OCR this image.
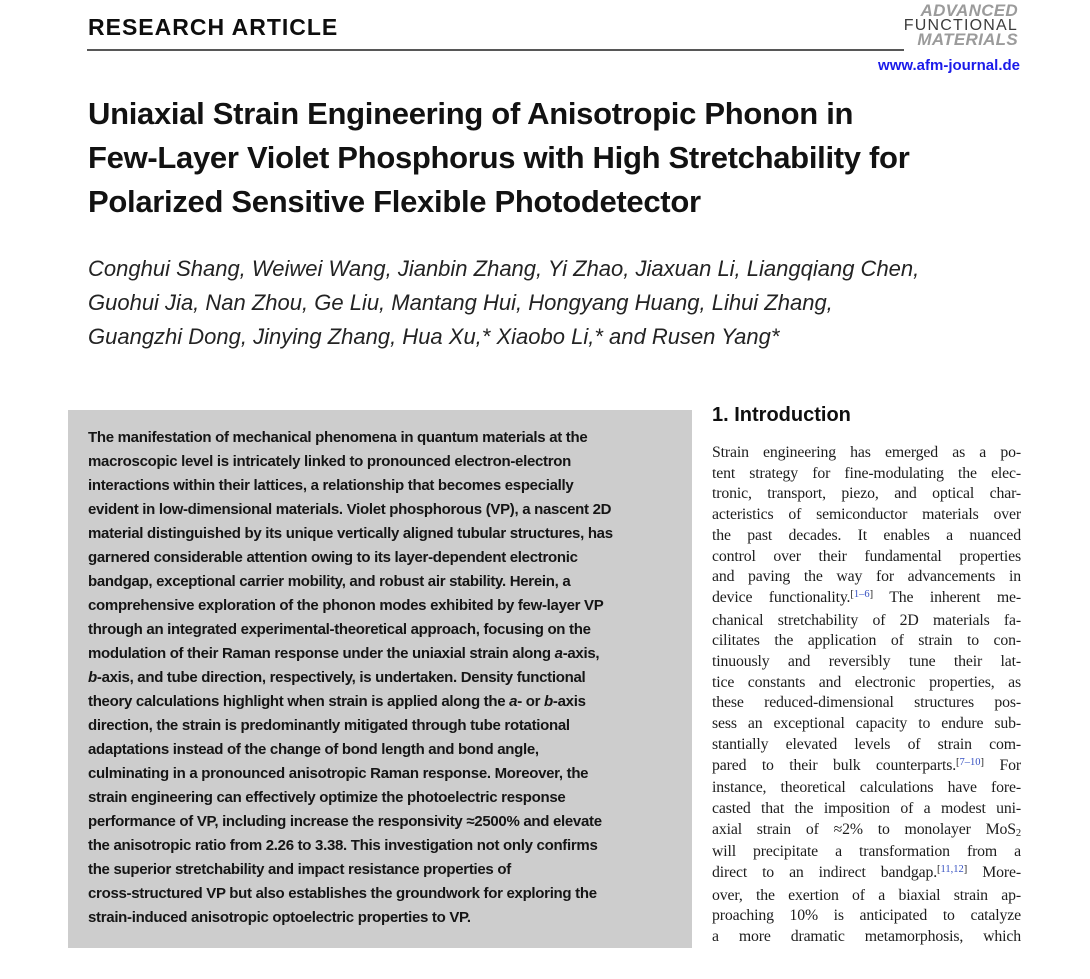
RESEARCH ARTICLE
ADVANCED
FUNCTIONAL
MATERIALS
www.afm-journal.de
Uniaxial Strain Engineering of Anisotropic Phonon in
Few-Layer Violet Phosphorus with High Stretchability for
Polarized Sensitive Flexible Photodetector
Conghui Shang, Weiwei Wang, Jianbin Zhang, Yi Zhao, Jiaxuan Li, Liangqiang Chen,
Guohui Jia, Nan Zhou, Ge Liu, Mantang Hui, Hongyang Huang, Lihui Zhang,
Guangzhi Dong, Jinying Zhang, Hua Xu,* Xiaobo Li,* and Rusen Yang*
The manifestation of mechanical phenomena in quantum materials at the
macroscopic level is intricately linked to pronounced electron-electron
interactions within their lattices, a relationship that becomes especially
evident in low-dimensional materials. Violet phosphorous (VP), a nascent 2D
material distinguished by its unique vertically aligned tubular structures, has
garnered considerable attention owing to its layer-dependent electronic
bandgap, exceptional carrier mobility, and robust air stability. Herein, a
comprehensive exploration of the phonon modes exhibited by few-layer VP
through an integrated experimental-theoretical approach, focusing on the
modulation of their Raman response under the uniaxial strain along a-axis,
b-axis, and tube direction, respectively, is undertaken. Density functional
theory calculations highlight when strain is applied along the a- or b-axis
direction, the strain is predominantly mitigated through tube rotational
adaptations instead of the change of bond length and bond angle,
culminating in a pronounced anisotropic Raman response. Moreover, the
strain engineering can effectively optimize the photoelectric response
performance of VP, including increase the responsivity ≈2500% and elevate
the anisotropic ratio from 2.26 to 3.38. This investigation not only confirms
the superior stretchability and impact resistance properties of
cross-structured VP but also establishes the groundwork for exploring the
strain-induced anisotropic optoelectric properties to VP.
1. Introduction
Strain engineering has emerged as a po-
tent strategy for fine-modulating the elec-
tronic, transport, piezo, and optical char-
acteristics of semiconductor materials over
the past decades. It enables a nuanced
control over their fundamental properties
and paving the way for advancements in
device functionality.[1–6] The inherent me-
chanical stretchability of 2D materials fa-
cilitates the application of strain to con-
tinuously and reversibly tune their lat-
tice constants and electronic properties, as
these reduced-dimensional structures pos-
sess an exceptional capacity to endure sub-
stantially elevated levels of strain com-
pared to their bulk counterparts.[7–10] For
instance, theoretical calculations have fore-
casted that the imposition of a modest uni-
axial strain of ≈2% to monolayer MoS2
will precipitate a transformation from a
direct to an indirect bandgap.[11,12] More-
over, the exertion of a biaxial strain ap-
proaching 10% is anticipated to catalyze
a more dramatic metamorphosis, which
